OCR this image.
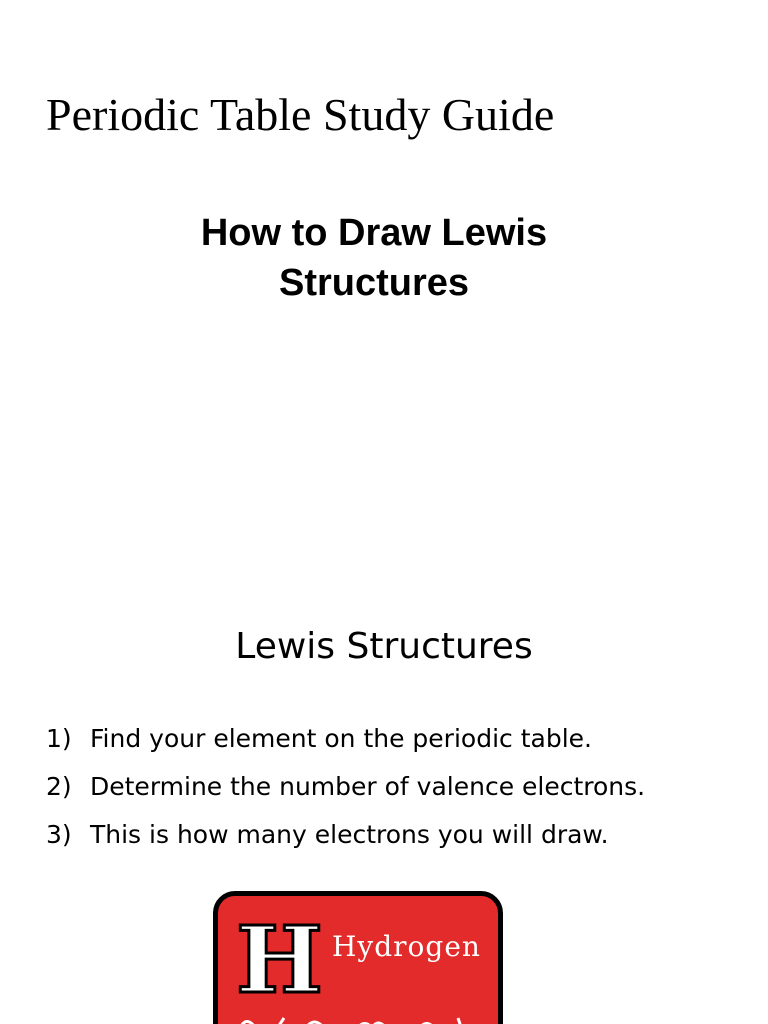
Periodic Table Study Guide
How to Draw Lewis
Structures
Lewis Structures
1) Find your element on the periodic table.
2) Determine the number of valence electrons.
3) This is how many electrons you will draw.
H Hydrogen
